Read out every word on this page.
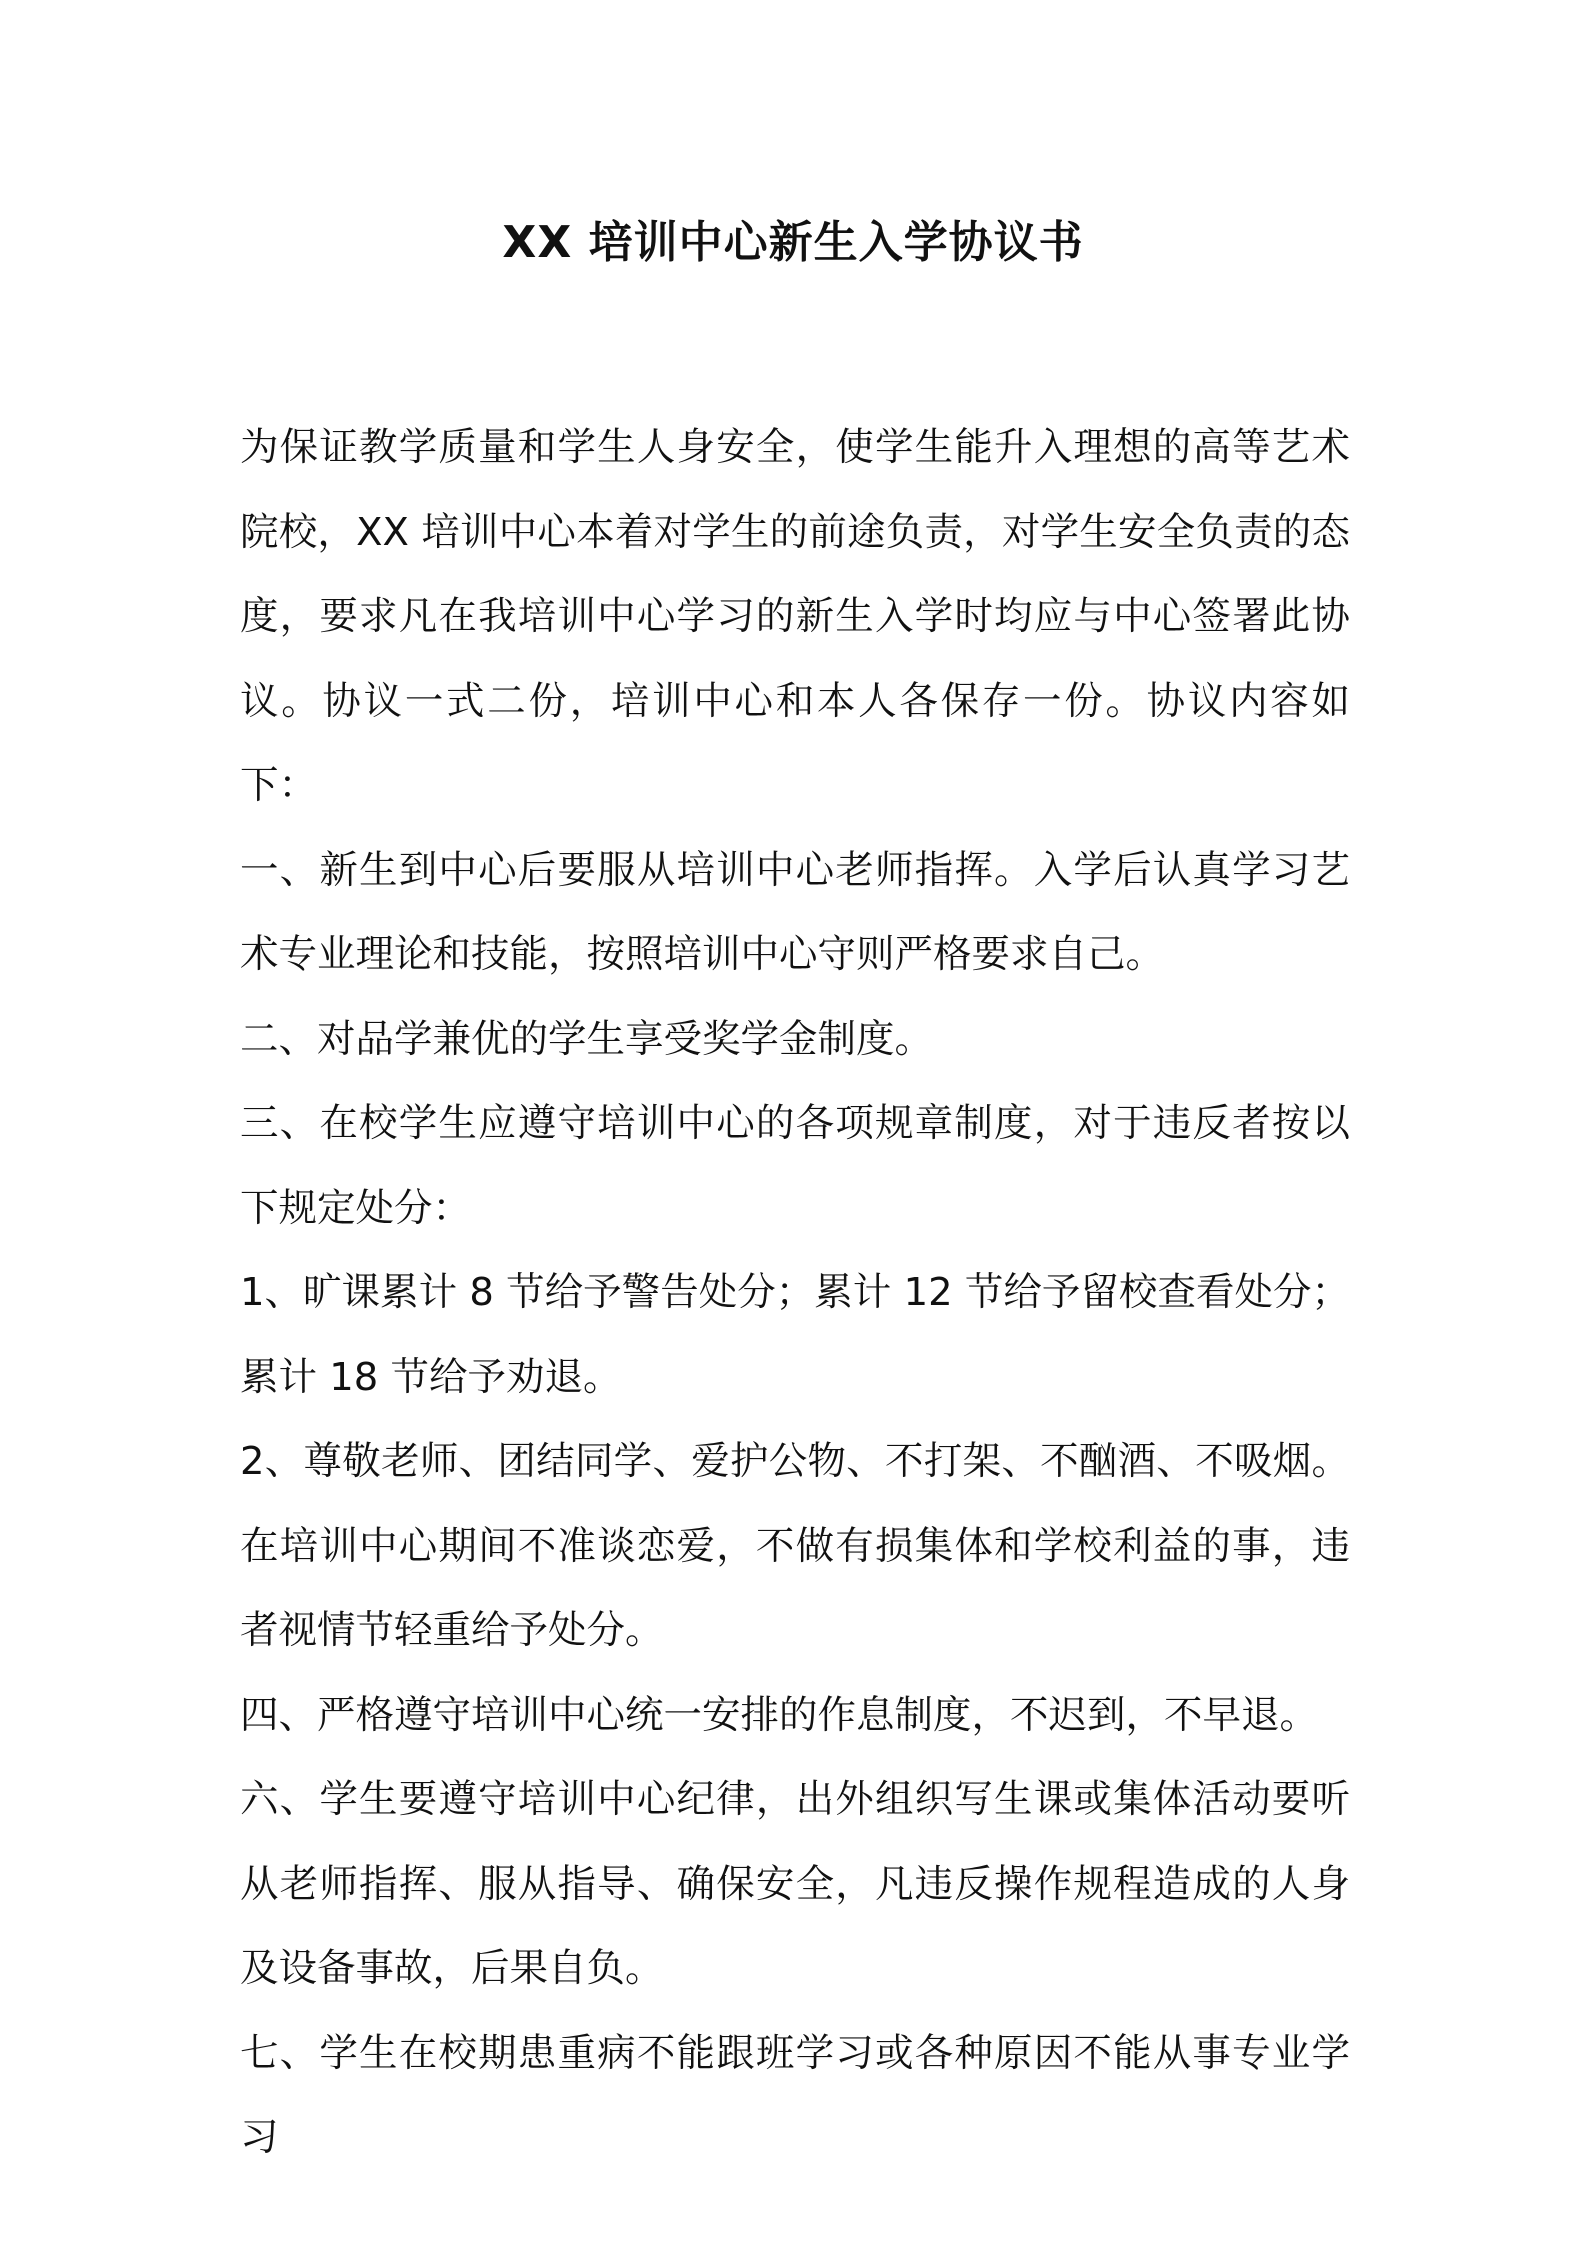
XX 培训中心新生入学协议书

为保证教学质量和学生人身安全，使学生能升入理想的高等艺术院校，XX 培训中心本着对学生的前途负责，对学生安全负责的态度，要求凡在我培训中心学习的新生入学时均应与中心签署此协议。协议一式二份，培训中心和本人各保存一份。协议内容如下：

一、新生到中心后要服从培训中心老师指挥。入学后认真学习艺术专业理论和技能，按照培训中心守则严格要求自己。

二、对品学兼优的学生享受奖学金制度。

三、在校学生应遵守培训中心的各项规章制度，对于违反者按以下规定处分：

1、旷课累计 8 节给予警告处分；累计 12 节给予留校查看处分；累计 18 节给予劝退。

2、尊敬老师、团结同学、爱护公物、不打架、不酗酒、不吸烟。在培训中心期间不准谈恋爱，不做有损集体和学校利益的事，违者视情节轻重给予处分。

四、严格遵守培训中心统一安排的作息制度，不迟到，不早退。

六、学生要遵守培训中心纪律，出外组织写生课或集体活动要听从老师指挥、服从指导、确保安全，凡违反操作规程造成的人身及设备事故，后果自负。

七、学生在校期患重病不能跟班学习或各种原因不能从事专业学习
